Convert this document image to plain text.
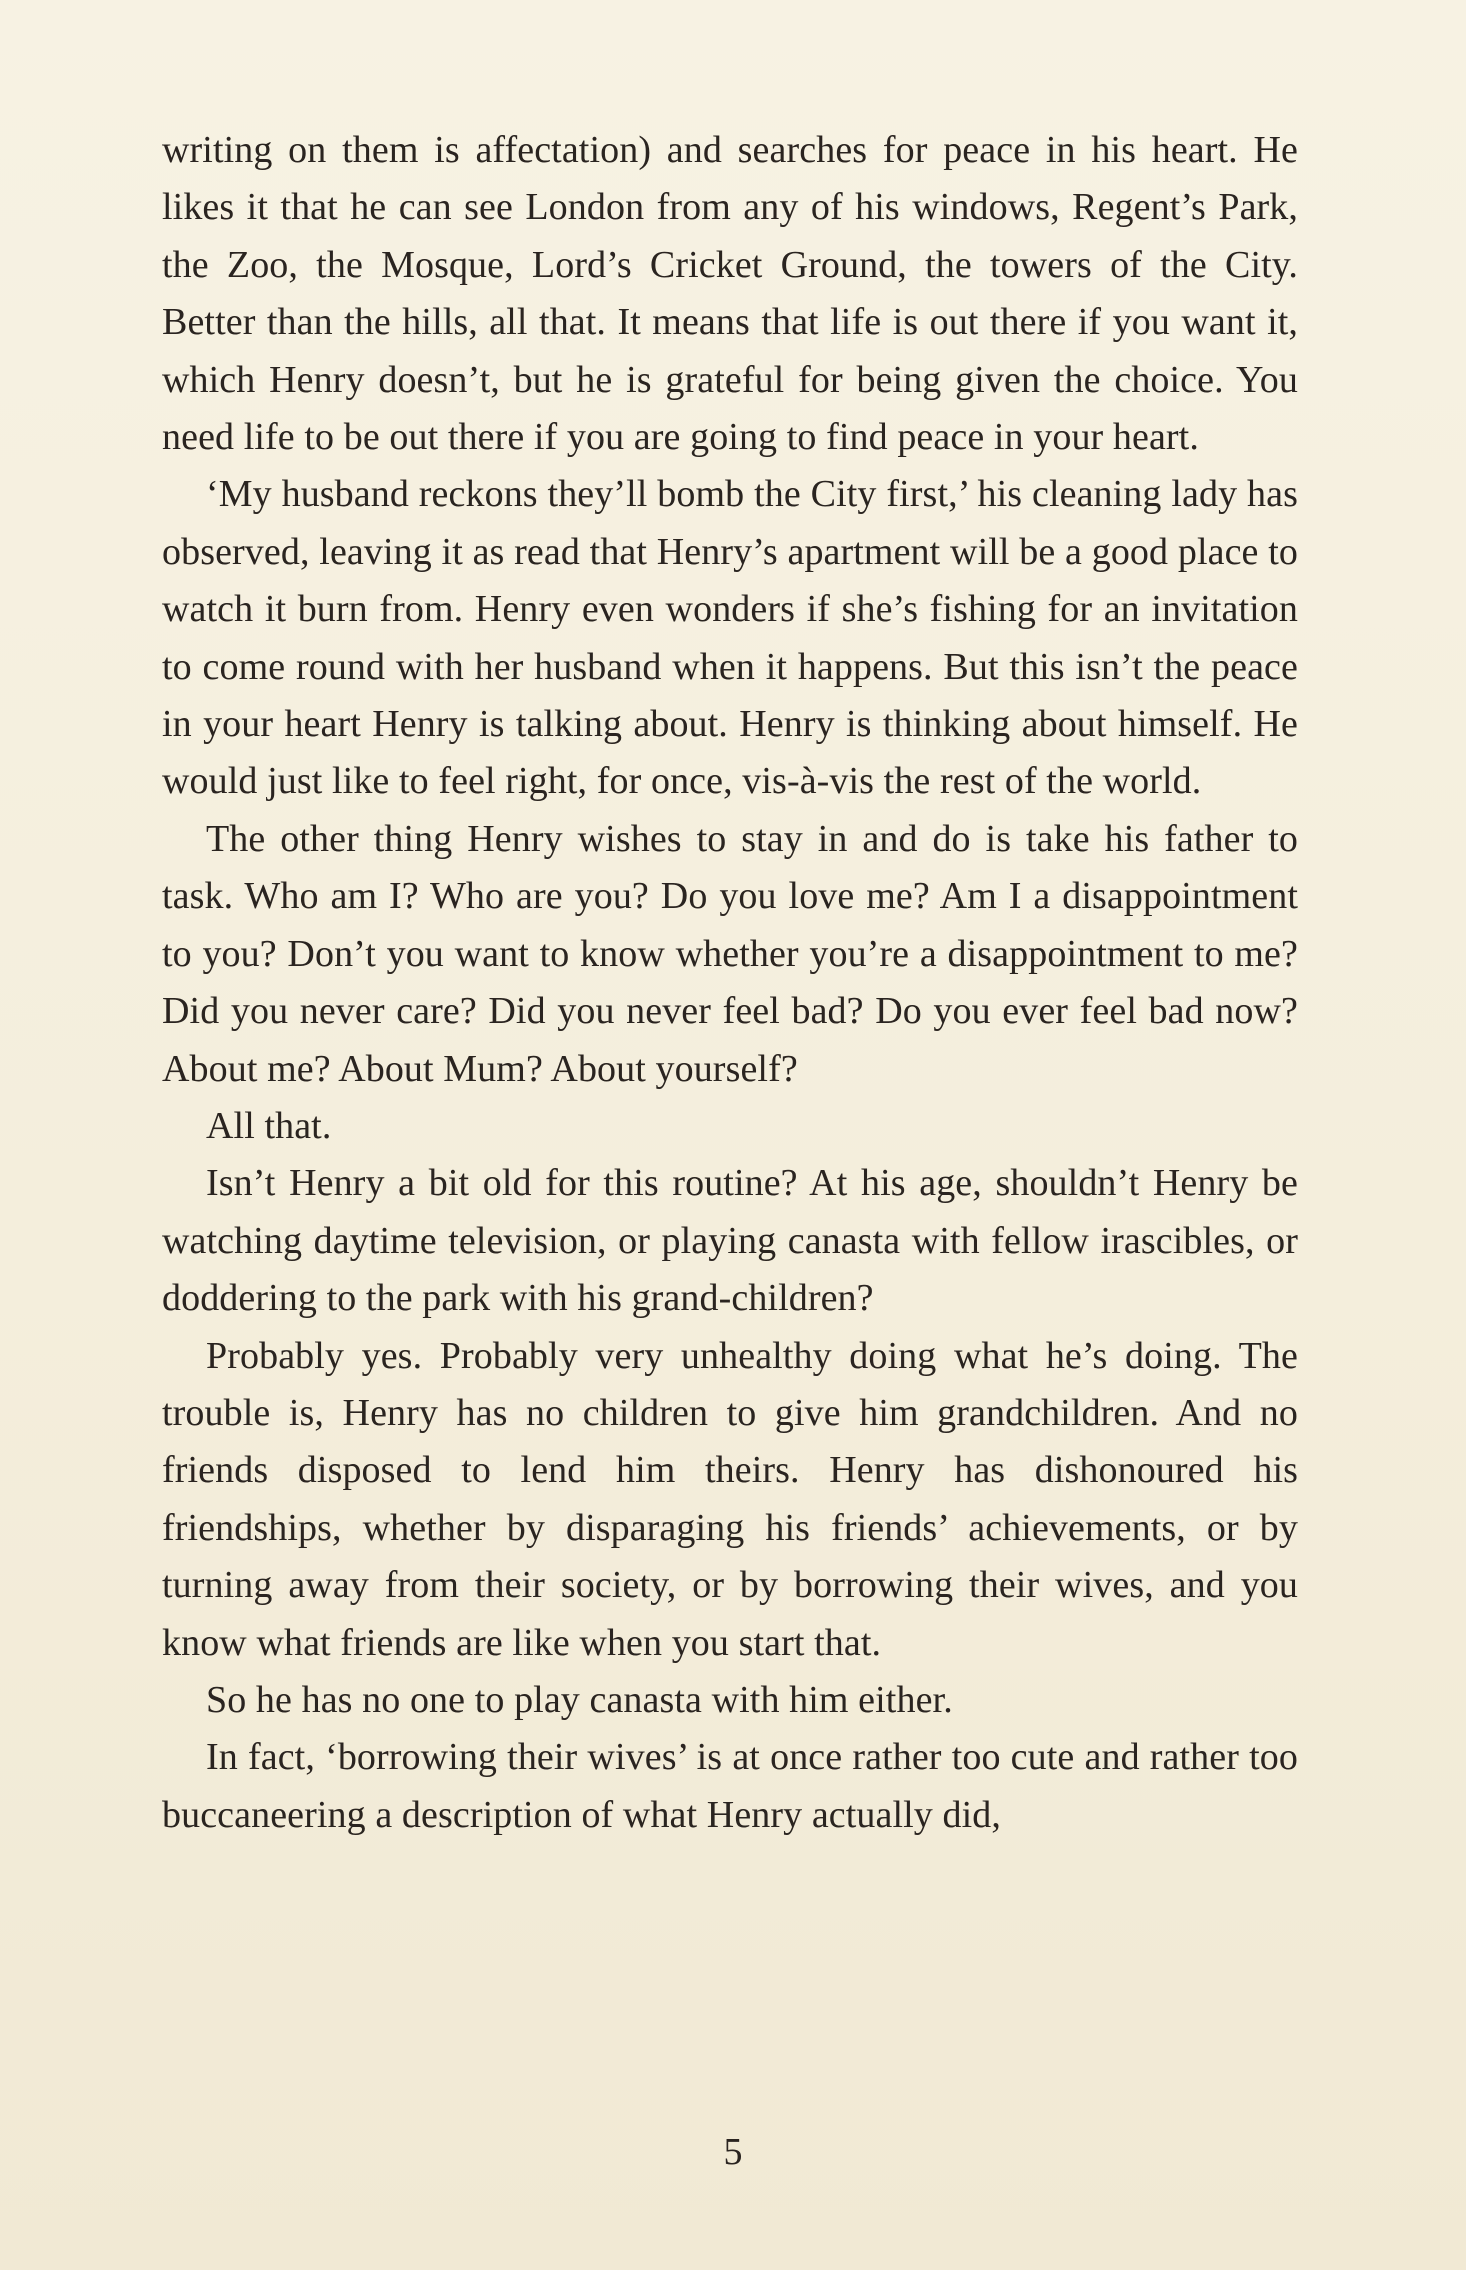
writing on them is affectation) and searches for peace in his heart. He likes it that he can see London from any of his windows, Regent’s Park, the Zoo, the Mosque, Lord’s Cricket Ground, the towers of the City. Better than the hills, all that. It means that life is out there if you want it, which Henry doesn’t, but he is grateful for being given the choice. You need life to be out there if you are going to find peace in your heart.

‘My husband reckons they’ll bomb the City first,’ his cleaning lady has observed, leaving it as read that Henry’s apartment will be a good place to watch it burn from. Henry even wonders if she’s fishing for an invitation to come round with her husband when it happens. But this isn’t the peace in your heart Henry is talking about. Henry is thinking about himself. He would just like to feel right, for once, vis-à-vis the rest of the world.

The other thing Henry wishes to stay in and do is take his father to task. Who am I? Who are you? Do you love me? Am I a disappointment to you? Don’t you want to know whether you’re a disappointment to me? Did you never care? Did you never feel bad? Do you ever feel bad now? About me? About Mum? About yourself?

All that.

Isn’t Henry a bit old for this routine? At his age, shouldn’t Henry be watching daytime television, or playing canasta with fellow irascibles, or doddering to the park with his grand-children?

Probably yes. Probably very unhealthy doing what he’s doing. The trouble is, Henry has no children to give him grandchildren. And no friends disposed to lend him theirs. Henry has dishonoured his friendships, whether by disparaging his friends’ achievements, or by turning away from their society, or by borrowing their wives, and you know what friends are like when you start that.

So he has no one to play canasta with him either.

In fact, ‘borrowing their wives’ is at once rather too cute and rather too buccaneering a description of what Henry actually did,

5
